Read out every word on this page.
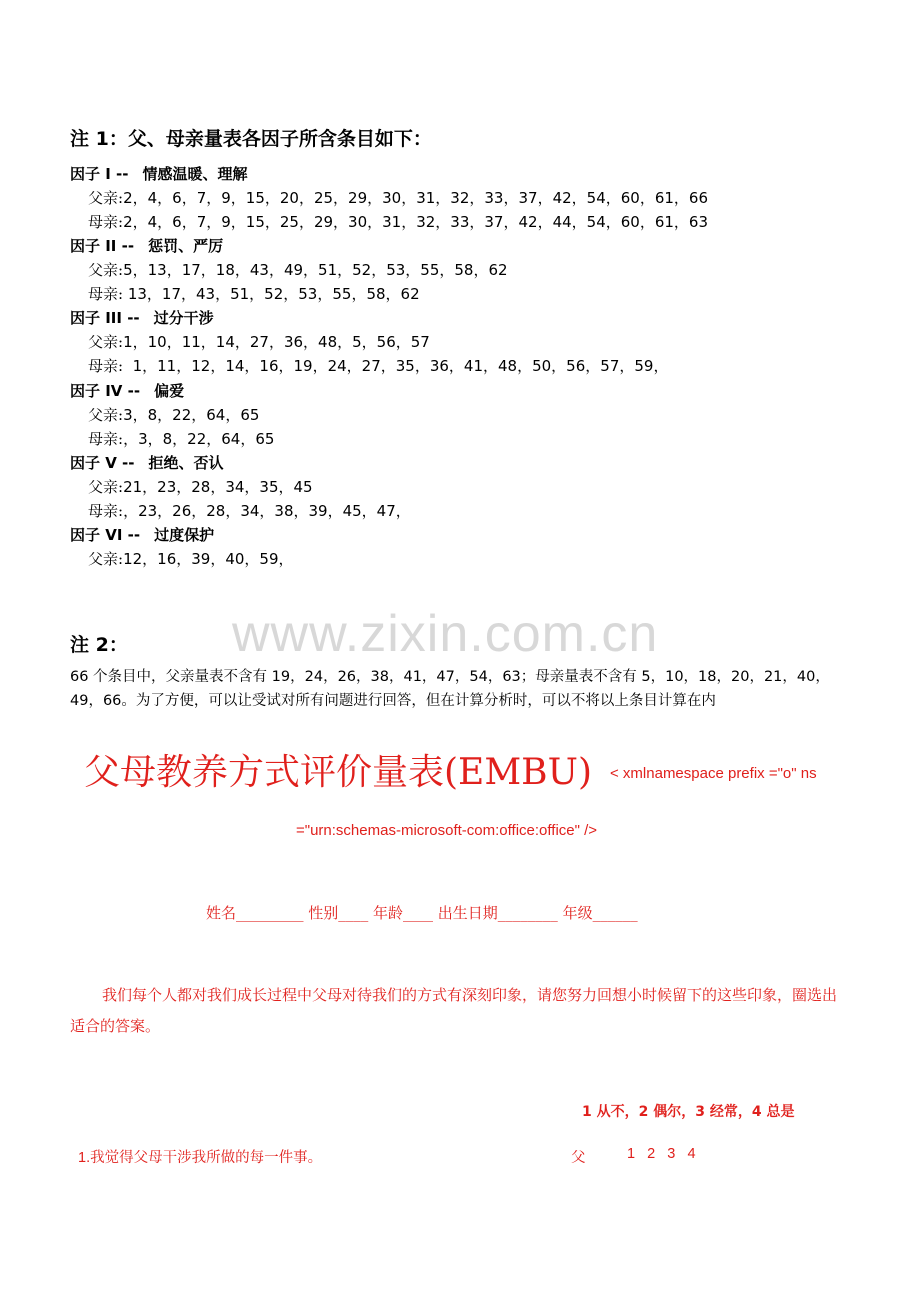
注 1：父、母亲量表各因子所含条目如下：
因子 I -- 情感温暖、理解
父亲:2，4，6，7，9，15，20，25，29，30，31，32，33，37，42，54，60，61，66
母亲:2，4，6，7，9，15，25，29，30，31，32，33，37，42，44，54，60，61，63
因子 II -- 惩罚、严厉
父亲:5，13，17，18，43，49，51，52，53，55，58，62
母亲: 13，17，43，51，52，53，55，58，62
因子 III -- 过分干涉
父亲:1，10，11，14，27，36，48，5，56，57
母亲:  1，11，12，14，16，19，24，27，35，36，41，48，50，56，57，59，
因子 IV -- 偏爱
父亲:3，8，22，64，65
母亲:，3，8，22，64，65
因子 V -- 拒绝、否认
父亲:21，23，28，34，35，45
母亲:，23，26，28，34，38，39，45，47，
因子 VI -- 过度保护
父亲:12，16，39，40，59，
www.zixin.com.cn
注 2：
66 个条目中，父亲量表不含有 19，24，26，38，41，47，54，63；母亲量表不含有 5，10，18，20，21，40，49，66。为了方便，可以让受试对所有问题进行回答，但在计算分析时，可以不将以上条目计算在内
父母教养方式评价量表(EMBU) < xmlnamespace prefix ="o" ns
="urn:schemas-microsoft-com:office:office" />
姓名_________ 性别____ 年龄____ 出生日期________ 年级______
我们每个人都对我们成长过程中父母对待我们的方式有深刻印象，请您努力回想小时候留下的这些印象，圈选出适合的答案。
1 从不，2 偶尔，3 经常，4 总是
1.我觉得父母干涉我所做的每一件事。	父	1   2   3   4
